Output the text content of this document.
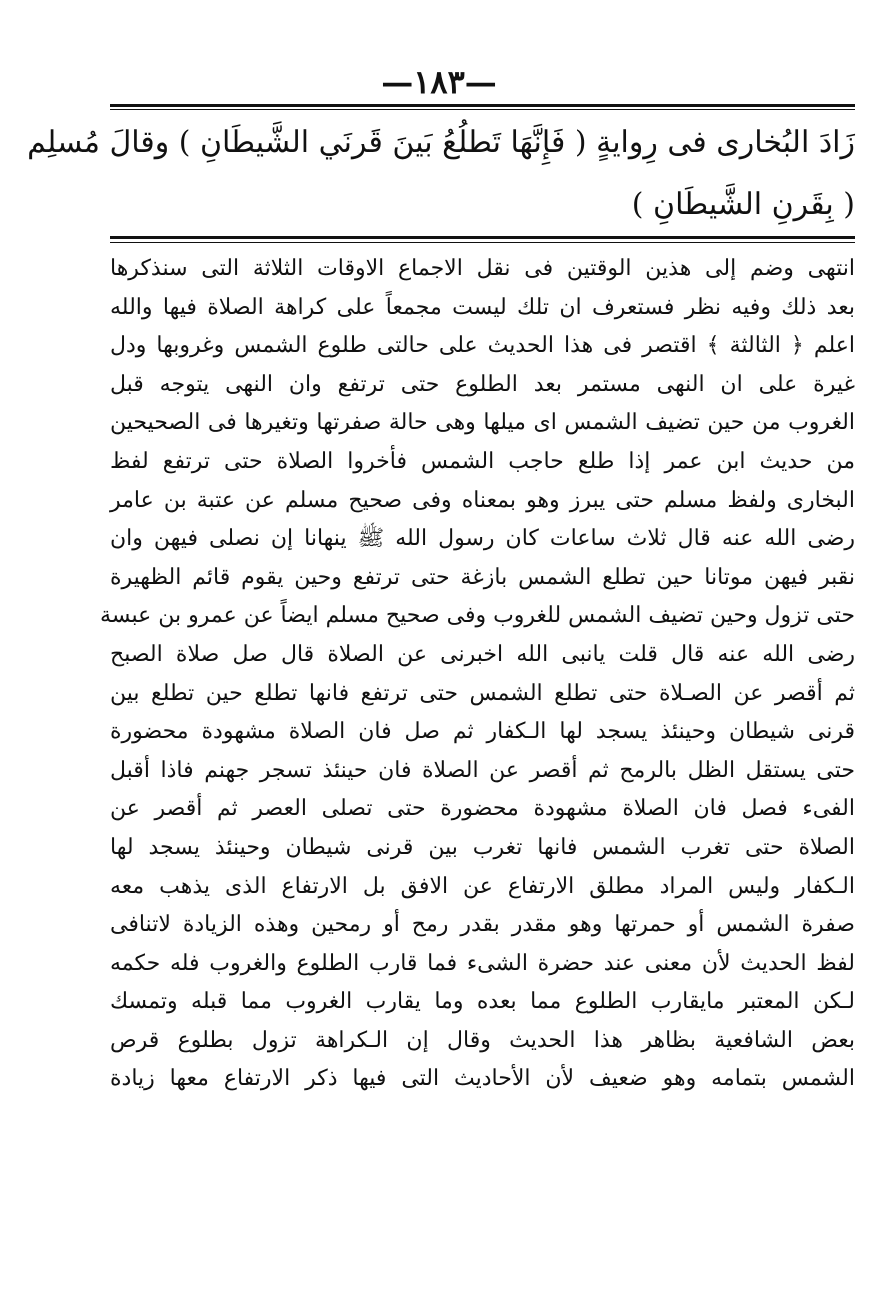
—١٨٣—
زَادَ البُخارى فى رِوايةٍ ( فَإِنَّهَا تَطلُعُ بَينَ قَرنَي الشَّيطَانِ ) وقالَ مُسلِم
( بِقَرنِ الشَّيطَانِ )
انتهى وضم إلى هذين الوقتين فى نقل الاجماع الاوقات الثلاثة التى سنذكرها
بعد ذلك وفيه نظر فستعرف ان تلك ليست مجمعاً على كراهة الصلاة فيها والله
اعلم ﴿ الثالثة ﴾ اقتصر فى هذا الحديث على حالتى طلوع الشمس وغروبها ودل
غيرة على ان النهى مستمر بعد الطلوع حتى ترتفع وان النهى يتوجه قبل
الغروب من حين تضيف الشمس اى ميلها وهى حالة صفرتها وتغيرها فى الصحيحين
من حديث ابن عمر إذا طلع حاجب الشمس فأخروا الصلاة حتى ترتفع لفظ
البخارى ولفظ مسلم حتى يبرز وهو بمعناه وفى صحيح مسلم عن عتبة بن عامر
رضى الله عنه قال ثلاث ساعات كان رسول الله ﷺ ينهانا إن نصلى فيهن وان
نقبر فيهن موتانا حين تطلع الشمس بازغة حتى ترتفع وحين يقوم قائم الظهيرة
حتى تزول وحين تضيف الشمس للغروب وفى صحيح مسلم ايضاً عن عمرو بن عبسة
رضى الله عنه قال قلت يانبى الله اخبرنى عن الصلاة قال صل صلاة الصبح
ثم أقصر عن الصـلاة حتى تطلع الشمس حتى ترتفع فانها تطلع حين تطلع بين
قرنى شيطان وحينئذ يسجد لها الـكفار ثم صل فان الصلاة مشهودة محضورة
حتى يستقل الظل بالرمح ثم أقصر عن الصلاة فان حينئذ تسجر جهنم فاذا أقبل
الفىء فصل فان الصلاة مشهودة محضورة حتى تصلى العصر ثم أقصر عن
الصلاة حتى تغرب الشمس فانها تغرب بين قرنى شيطان وحينئذ يسجد لها
الـكفار وليس المراد مطلق الارتفاع عن الافق بل الارتفاع الذى يذهب معه
صفرة الشمس أو حمرتها وهو مقدر بقدر رمح أو رمحين وهذه الزيادة لاتنافى
لفظ الحديث لأن معنى عند حضرة الشىء فما قارب الطلوع والغروب فله حكمه
لـكن المعتبر مايقارب الطلوع مما بعده وما يقارب الغروب مما قبله وتمسك
بعض الشافعية بظاهر هذا الحديث وقال إن الـكراهة تزول بطلوع قرص
الشمس بتمامه وهو ضعيف لأن الأحاديث التى فيها ذكر الارتفاع معها زيادة
